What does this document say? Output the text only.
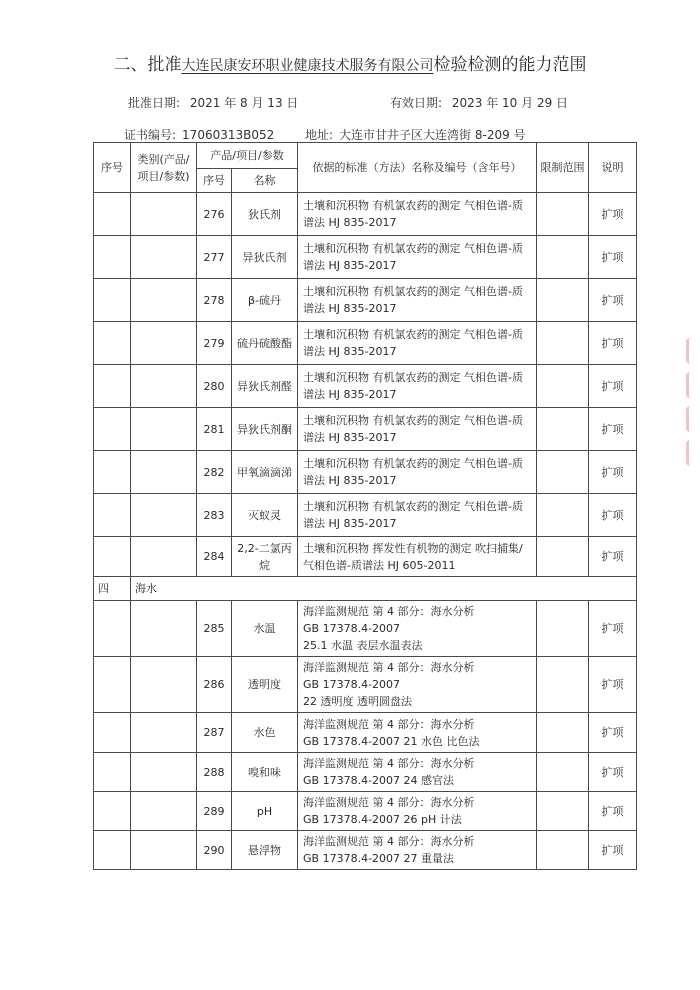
二、批准大连民康安环职业健康技术服务有限公司检验检测的能力范围
批准日期: 2021 年 8 月 13 日	有效日期: 2023 年 10 月 29 日
证书编号: 17060313B052	地址: 大连市甘井子区大连湾街 8-209 号
序号	类别(产品/项目/参数)	产品/项目/参数		依据的标准（方法）名称及编号（含年号）	限制范围	说明
		序号	名称			
		276	狄氏剂	土壤和沉积物 有机氯农药的测定 气相色谱-质谱法 HJ 835-2017		扩项
		277	异狄氏剂	土壤和沉积物 有机氯农药的测定 气相色谱-质谱法 HJ 835-2017		扩项
		278	β-硫丹	土壤和沉积物 有机氯农药的测定 气相色谱-质谱法 HJ 835-2017		扩项
		279	硫丹硫酸酯	土壤和沉积物 有机氯农药的测定 气相色谱-质谱法 HJ 835-2017		扩项
		280	异狄氏剂醛	土壤和沉积物 有机氯农药的测定 气相色谱-质谱法 HJ 835-2017		扩项
		281	异狄氏剂酮	土壤和沉积物 有机氯农药的测定 气相色谱-质谱法 HJ 835-2017		扩项
		282	甲氧滴滴涕	土壤和沉积物 有机氯农药的测定 气相色谱-质谱法 HJ 835-2017		扩项
		283	灭蚁灵	土壤和沉积物 有机氯农药的测定 气相色谱-质谱法 HJ 835-2017		扩项
		284	2,2-二氯丙烷	土壤和沉积物 挥发性有机物的测定 吹扫捕集/气相色谱-质谱法 HJ 605-2011		扩项
四	海水					
		285	水温	海洋监测规范 第 4 部分：海水分析
GB 17378.4-2007
25.1 水温 表层水温表法		扩项
		286	透明度	海洋监测规范 第 4 部分：海水分析
GB 17378.4-2007
22 透明度 透明圆盘法		扩项
		287	水色	海洋监测规范 第 4 部分：海水分析
GB 17378.4-2007 21 水色 比色法		扩项
		288	嗅和味	海洋监测规范 第 4 部分：海水分析
GB 17378.4-2007 24 感官法		扩项
		289	pH	海洋监测规范 第 4 部分：海水分析
GB 17378.4-2007 26 pH 计法		扩项
		290	悬浮物	海洋监测规范 第 4 部分：海水分析
GB 17378.4-2007 27 重量法		扩项
